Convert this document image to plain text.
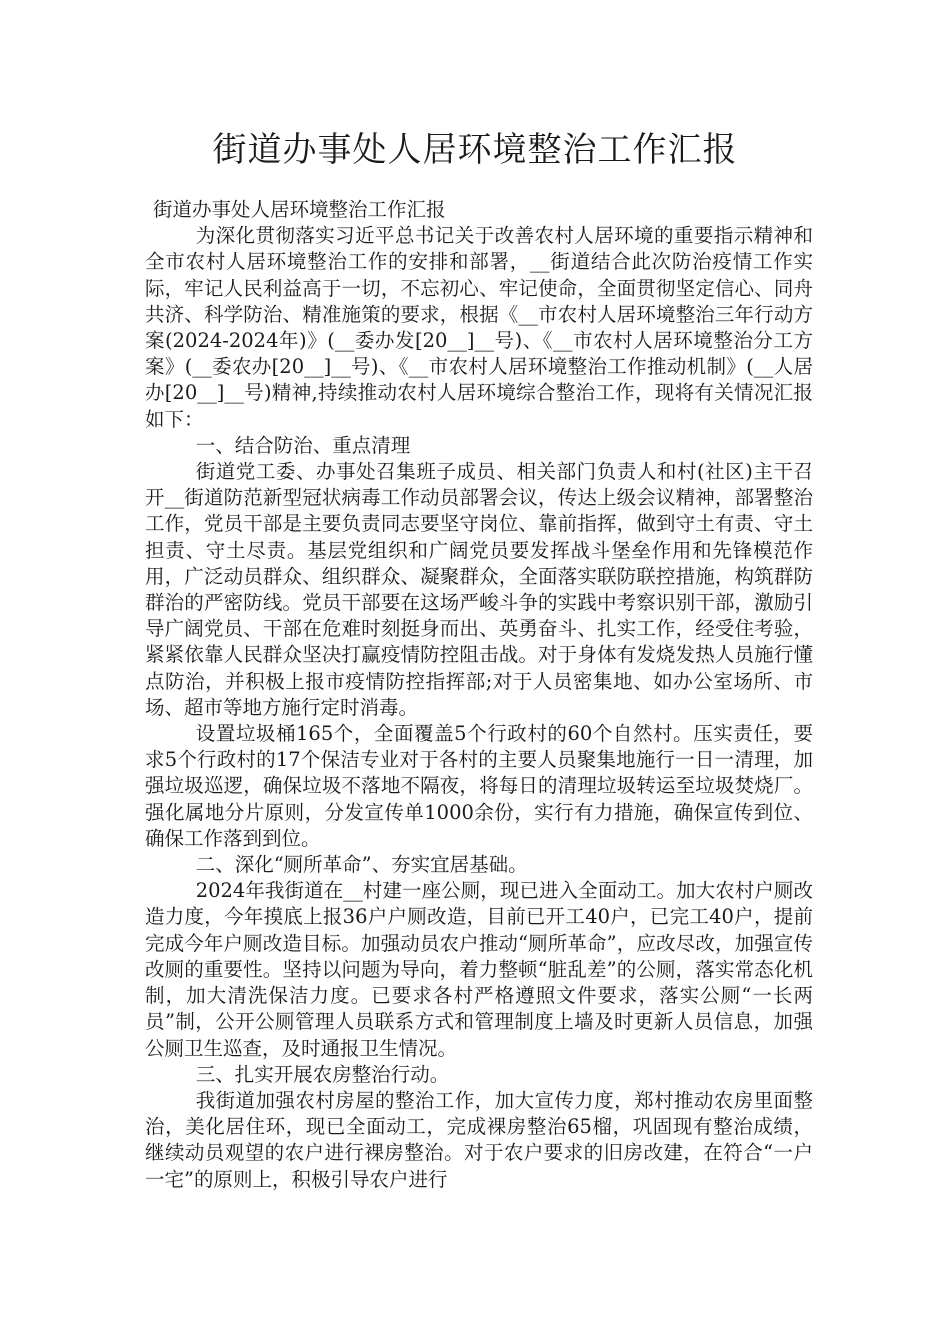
街道办事处人居环境整治工作汇报

街道办事处人居环境整治工作汇报

为深化贯彻落实习近平总书记关于改善农村人居环境的重要指示精神和全市农村人居环境整治工作的安排和部署，__街道结合此次防治疫情工作实际，牢记人民利益高于一切，不忘初心、牢记使命，全面贯彻坚定信心、同舟共济、科学防治、精准施策的要求，根据《__市农村人居环境整治三年行动方案(2024-2024年)》(__委办发[20__]__号)、《__市农村人居环境整治分工方案》(__委农办[20__]__号)、《__市农村人居环境整治工作推动机制》(__人居办[20__]__号)精神,持续推动农村人居环境综合整治工作，现将有关情况汇报如下：

一、结合防治、重点清理

街道党工委、办事处召集班子成员、相关部门负责人和村(社区)主干召开__街道防范新型冠状病毒工作动员部署会议，传达上级会议精神，部署整治工作，党员干部是主要负责同志要坚守岗位、靠前指挥，做到守土有责、守土担责、守土尽责。基层党组织和广阔党员要发挥战斗堡垒作用和先锋模范作用，广泛动员群众、组织群众、凝聚群众，全面落实联防联控措施，构筑群防群治的严密防线。党员干部要在这场严峻斗争的实践中考察识别干部，激励引导广阔党员、干部在危难时刻挺身而出、英勇奋斗、扎实工作，经受住考验，紧紧依靠人民群众坚决打赢疫情防控阻击战。对于身体有发烧发热人员施行懂点防治，并积极上报市疫情防控指挥部;对于人员密集地、如办公室场所、市场、超市等地方施行定时消毒。

设置垃圾桶165个，全面覆盖5个行政村的60个自然村。压实责任，要求5个行政村的17个保洁专业对于各村的主要人员聚集地施行一日一清理，加强垃圾巡逻，确保垃圾不落地不隔夜，将每日的清理垃圾转运至垃圾焚烧厂。强化属地分片原则，分发宣传单1000余份，实行有力措施，确保宣传到位、确保工作落到到位。

二、深化“厕所革命”、夯实宜居基础。

2024年我街道在__村建一座公厕，现已进入全面动工。加大农村户厕改造力度，今年摸底上报36户户厕改造，目前已开工40户，已完工40户，提前完成今年户厕改造目标。加强动员农户推动“厕所革命”，应改尽改，加强宣传改厕的重要性。坚持以问题为导向，着力整顿“脏乱差”的公厕，落实常态化机制，加大清洗保洁力度。已要求各村严格遵照文件要求，落实公厕“一长两员”制，公开公厕管理人员联系方式和管理制度上墙及时更新人员信息，加强公厕卫生巡查，及时通报卫生情况。

三、扎实开展农房整治行动。

我街道加强农村房屋的整治工作，加大宣传力度，郑村推动农房里面整治，美化居住环，现已全面动工，完成裸房整治65榴，巩固现有整治成绩，继续动员观望的农户进行裸房整治。对于农户要求的旧房改建，在符合“一户一宅”的原则上，积极引导农户进行
